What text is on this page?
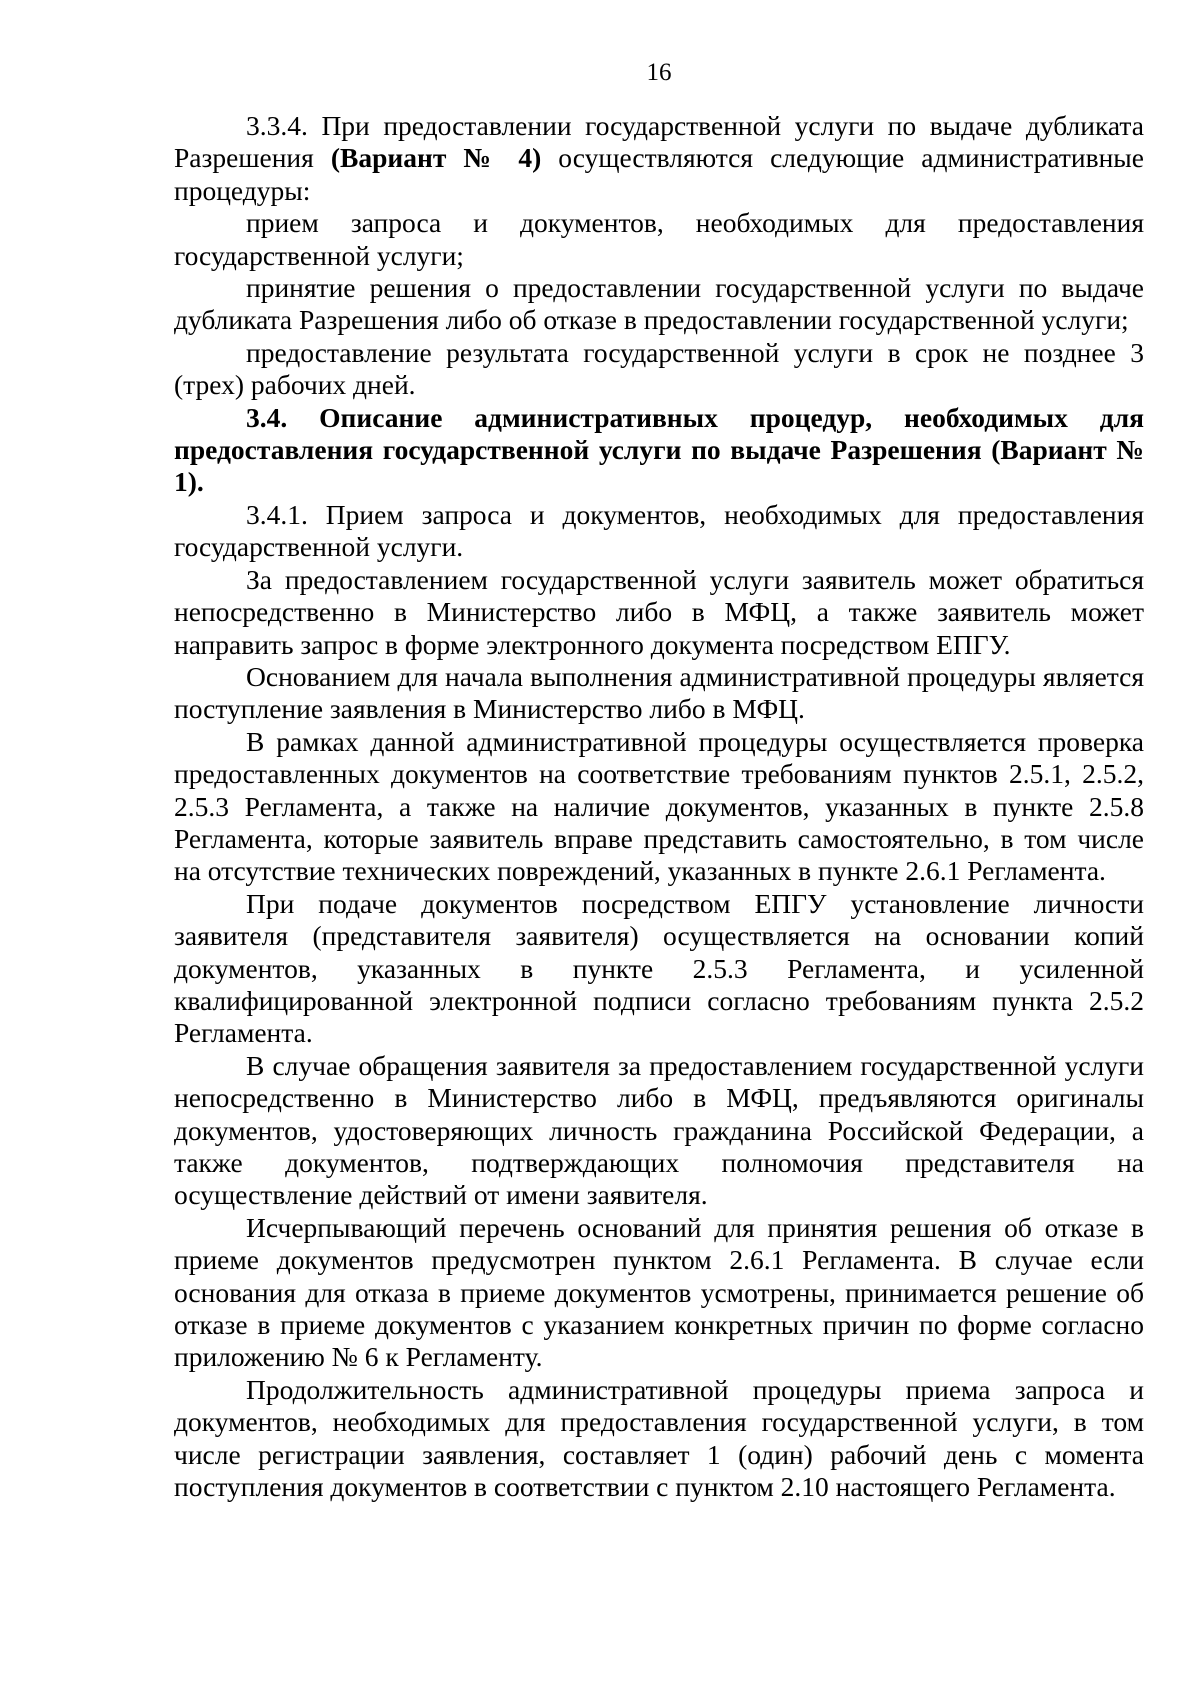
16

3.3.4. При предоставлении государственной услуги по выдаче дубликата Разрешения (Вариант № 4) осуществляются следующие административные процедуры:

прием запроса и документов, необходимых для предоставления государственной услуги;

принятие решения о предоставлении государственной услуги по выдаче дубликата Разрешения либо об отказе в предоставлении государственной услуги;

предоставление результата государственной услуги в срок не позднее 3 (трех) рабочих дней.

3.4. Описание административных процедур, необходимых для предоставления государственной услуги по выдаче Разрешения (Вариант № 1).

3.4.1. Прием запроса и документов, необходимых для предоставления государственной услуги.

За предоставлением государственной услуги заявитель может обратиться непосредственно в Министерство либо в МФЦ, а также заявитель может направить запрос в форме электронного документа посредством ЕПГУ.

Основанием для начала выполнения административной процедуры является поступление заявления в Министерство либо в МФЦ.

В рамках данной административной процедуры осуществляется проверка предоставленных документов на соответствие требованиям пунктов 2.5.1, 2.5.2, 2.5.3 Регламента, а также на наличие документов, указанных в пункте 2.5.8 Регламента, которые заявитель вправе представить самостоятельно, в том числе на отсутствие технических повреждений, указанных в пункте 2.6.1 Регламента.

При подаче документов посредством ЕПГУ установление личности заявителя (представителя заявителя) осуществляется на основании копий документов, указанных в пункте 2.5.3 Регламента, и усиленной квалифицированной электронной подписи согласно требованиям пункта 2.5.2 Регламента.

В случае обращения заявителя за предоставлением государственной услуги непосредственно в Министерство либо в МФЦ, предъявляются оригиналы документов, удостоверяющих личность гражданина Российской Федерации, а также документов, подтверждающих полномочия представителя на осуществление действий от имени заявителя.

Исчерпывающий перечень оснований для принятия решения об отказе в приеме документов предусмотрен пунктом 2.6.1 Регламента. В случае если основания для отказа в приеме документов усмотрены, принимается решение об отказе в приеме документов с указанием конкретных причин по форме согласно приложению № 6 к Регламенту.

Продолжительность административной процедуры приема запроса и документов, необходимых для предоставления государственной услуги, в том числе регистрации заявления, составляет 1 (один) рабочий день с момента поступления документов в соответствии с пунктом 2.10 настоящего Регламента.
